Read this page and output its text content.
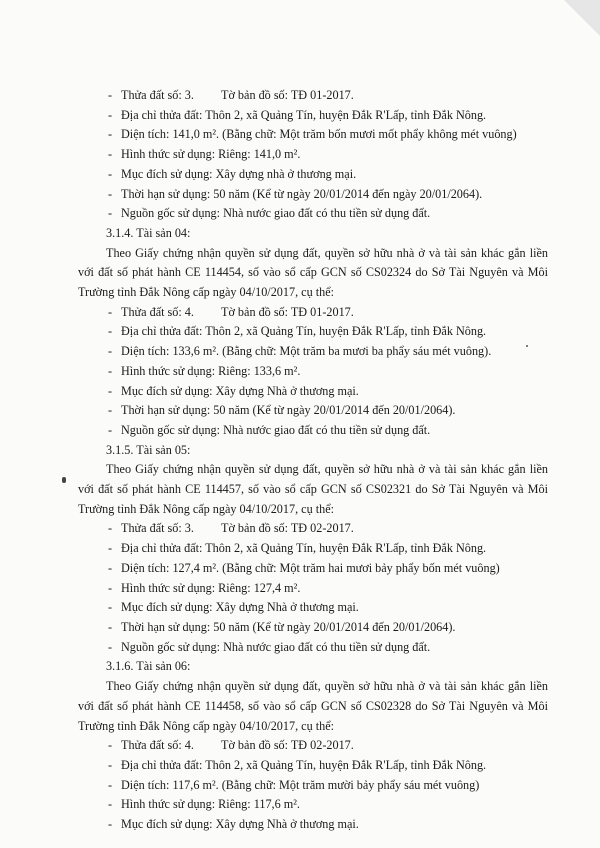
- Thửa đất số: 3. Tờ bản đồ số: TĐ 01-2017.
- Địa chỉ thửa đất: Thôn 2, xã Quảng Tín, huyện Đắk R'Lấp, tỉnh Đắk Nông.
- Diện tích: 141,0 m². (Bằng chữ: Một trăm bốn mươi mốt phẩy không mét vuông)
- Hình thức sử dụng: Riêng: 141,0 m².
- Mục đích sử dụng: Xây dựng nhà ở thương mại.
- Thời hạn sử dụng: 50 năm (Kể từ ngày 20/01/2014 đến ngày 20/01/2064).
- Nguồn gốc sử dụng: Nhà nước giao đất có thu tiền sử dụng đất.
3.1.4. Tài sản 04:
Theo Giấy chứng nhận quyền sử dụng đất, quyền sở hữu nhà ở và tài sản khác gắn liền với đất số phát hành CE 114454, số vào sổ cấp GCN số CS02324 do Sở Tài Nguyên và Môi Trường tỉnh Đắk Nông cấp ngày 04/10/2017, cụ thể:
- Thửa đất số: 4. Tờ bản đồ số: TĐ 01-2017.
- Địa chỉ thửa đất: Thôn 2, xã Quảng Tín, huyện Đắk R'Lấp, tỉnh Đắk Nông.
- Diện tích: 133,6 m². (Bằng chữ: Một trăm ba mươi ba phẩy sáu mét vuông).
- Hình thức sử dụng: Riêng: 133,6 m².
- Mục đích sử dụng: Xây dựng Nhà ở thương mại.
- Thời hạn sử dụng: 50 năm (Kể từ ngày 20/01/2014 đến 20/01/2064).
- Nguồn gốc sử dụng: Nhà nước giao đất có thu tiền sử dụng đất.
3.1.5. Tài sản 05:
Theo Giấy chứng nhận quyền sử dụng đất, quyền sở hữu nhà ở và tài sản khác gắn liền với đất số phát hành CE 114457, số vào sổ cấp GCN số CS02321 do Sở Tài Nguyên và Môi Trường tỉnh Đắk Nông cấp ngày 04/10/2017, cụ thể:
- Thửa đất số: 3. Tờ bản đồ số: TĐ 02-2017.
- Địa chỉ thửa đất: Thôn 2, xã Quảng Tín, huyện Đắk R'Lấp, tỉnh Đắk Nông.
- Diện tích: 127,4 m². (Bằng chữ: Một trăm hai mươi bảy phẩy bốn mét vuông)
- Hình thức sử dụng: Riêng: 127,4 m².
- Mục đích sử dụng: Xây dựng Nhà ở thương mại.
- Thời hạn sử dụng: 50 năm (Kể từ ngày 20/01/2014 đến 20/01/2064).
- Nguồn gốc sử dụng: Nhà nước giao đất có thu tiền sử dụng đất.
3.1.6. Tài sản 06:
Theo Giấy chứng nhận quyền sử dụng đất, quyền sở hữu nhà ở và tài sản khác gắn liền với đất số phát hành CE 114458, số vào sổ cấp GCN số CS02328 do Sở Tài Nguyên và Môi Trường tỉnh Đắk Nông cấp ngày 04/10/2017, cụ thể:
- Thửa đất số: 4. Tờ bản đồ số: TĐ 02-2017.
- Địa chỉ thửa đất: Thôn 2, xã Quảng Tín, huyện Đắk R'Lấp, tỉnh Đắk Nông.
- Diện tích: 117,6 m². (Bằng chữ: Một trăm mười bảy phẩy sáu mét vuông)
- Hình thức sử dụng: Riêng: 117,6 m².
- Mục đích sử dụng: Xây dựng Nhà ở thương mại.
